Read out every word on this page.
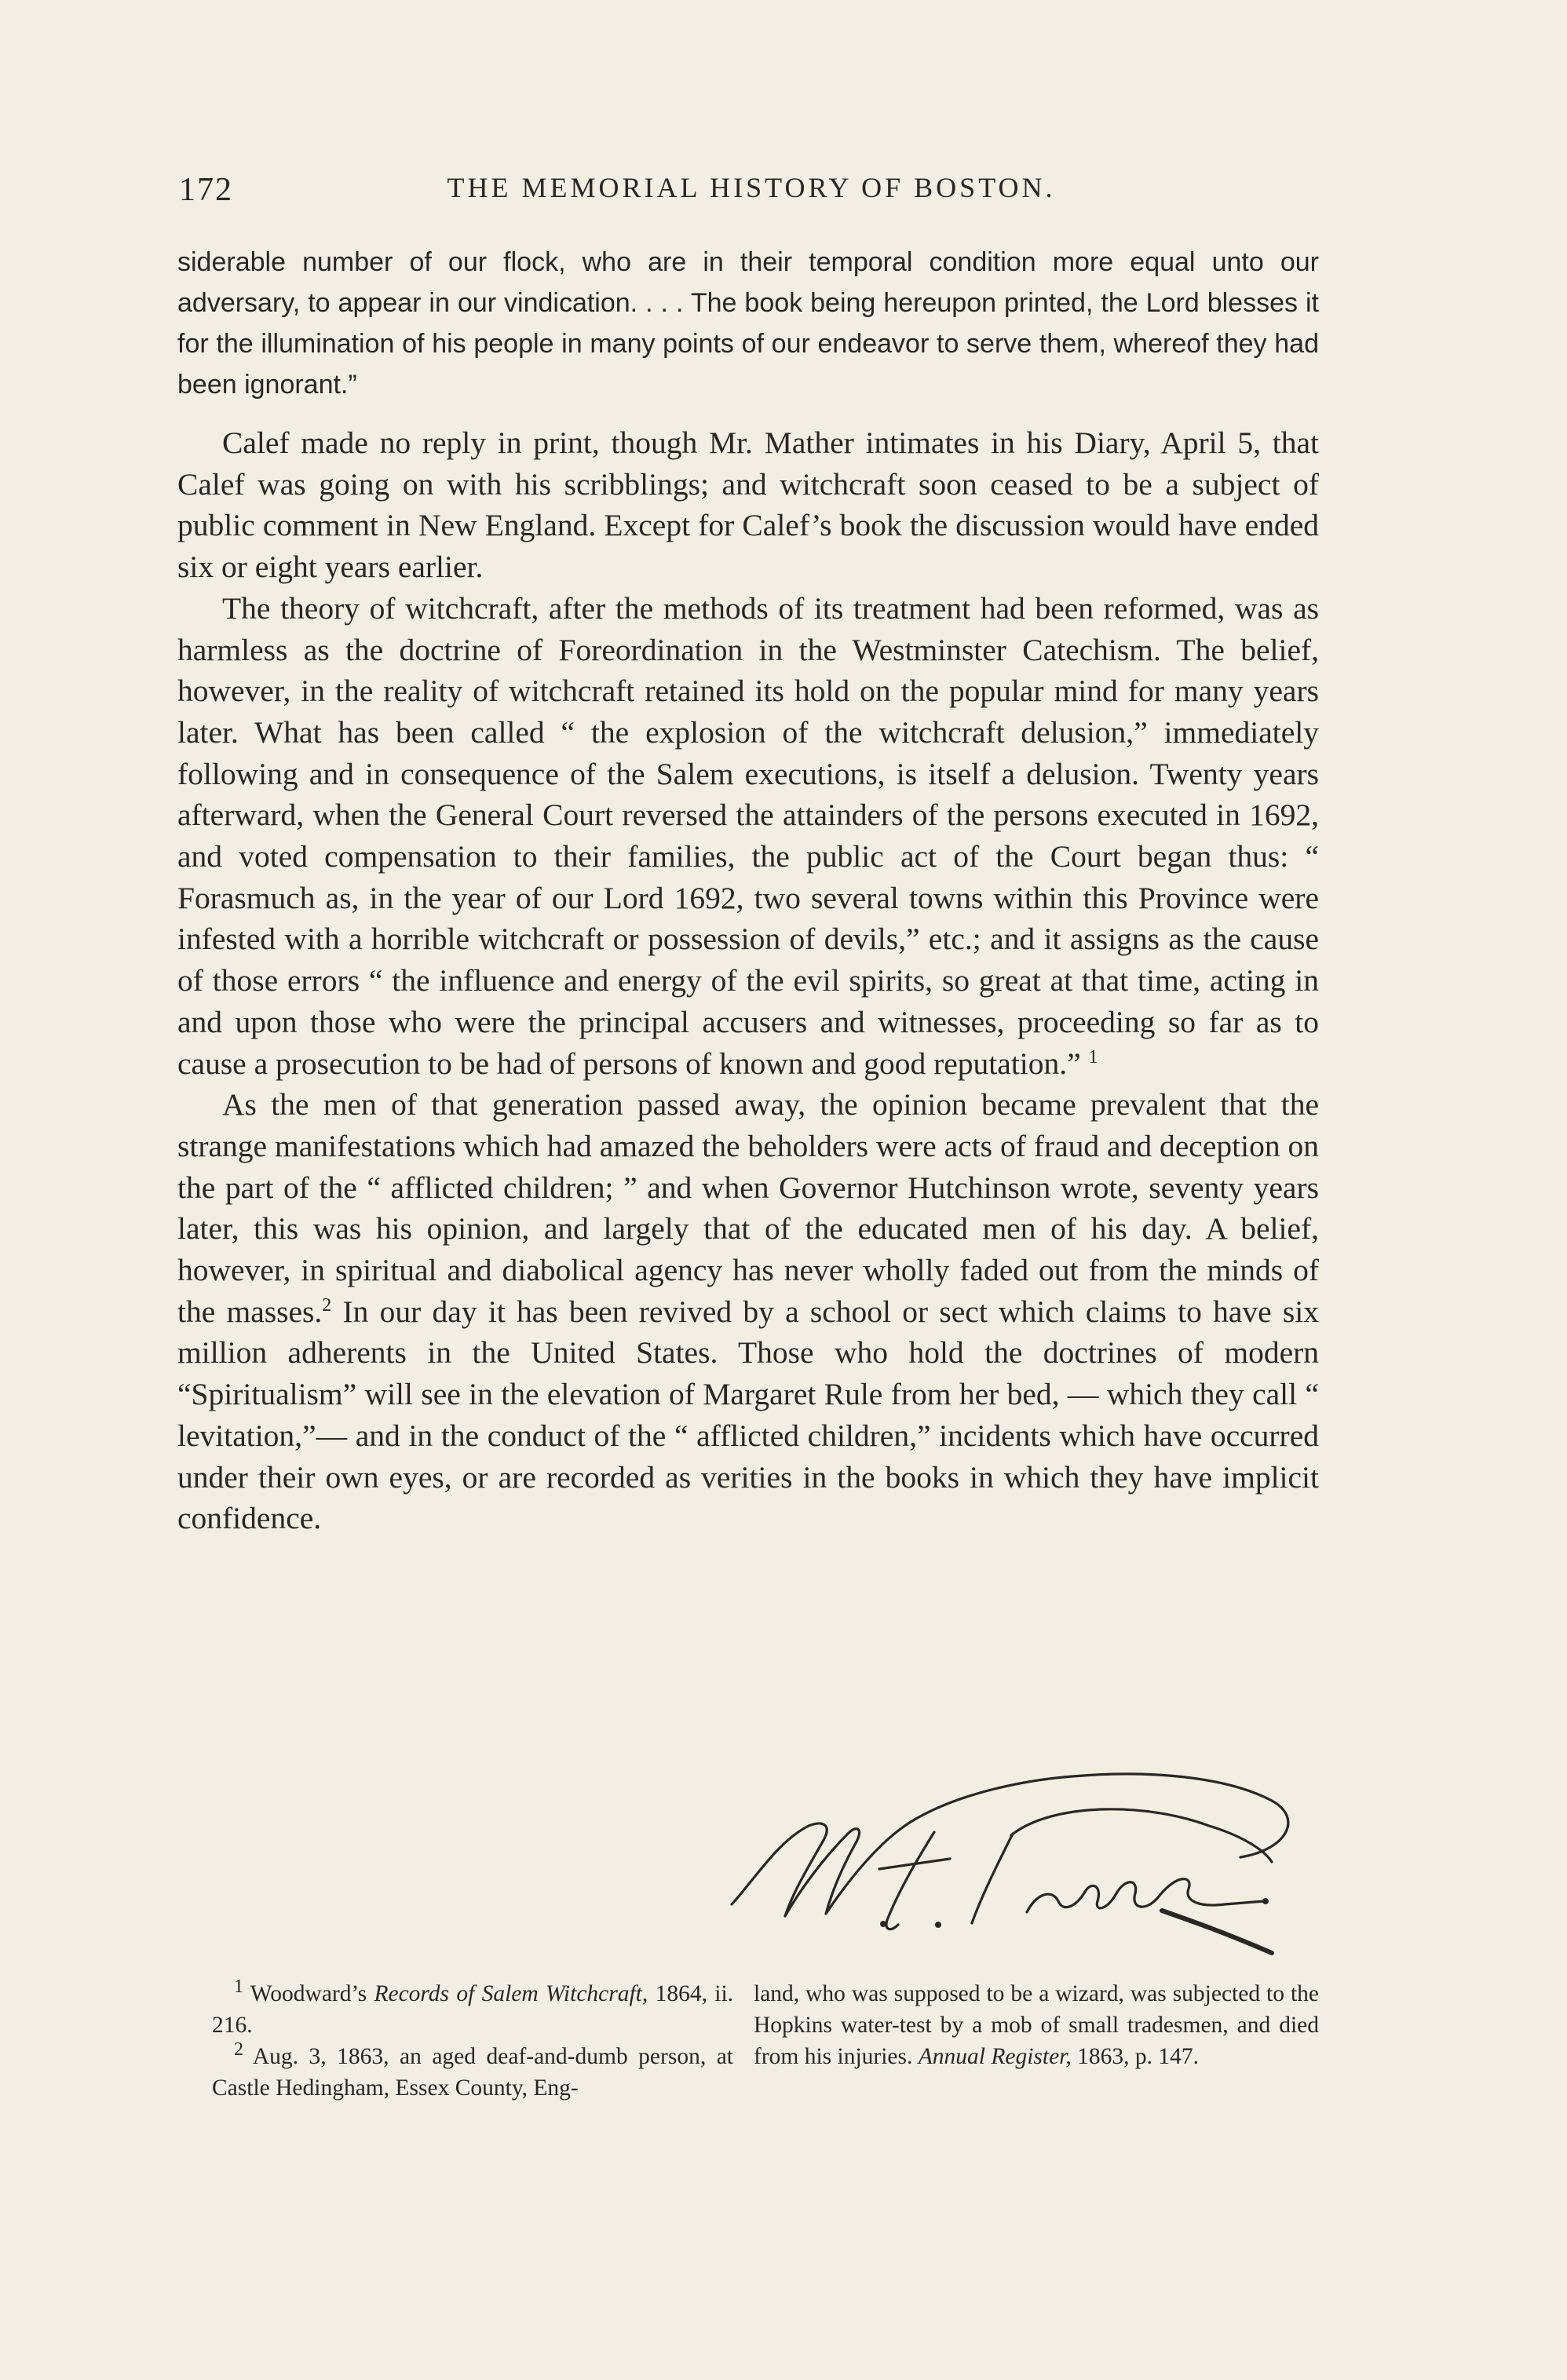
172	THE MEMORIAL HISTORY OF BOSTON.
siderable number of our flock, who are in their temporal condition more equal unto our adversary, to appear in our vindication. . . . The book being hereupon printed, the Lord blesses it for the illumination of his people in many points of our endeavor to serve them, whereof they had been ignorant.”

Calef made no reply in print, though Mr. Mather intimates in his Diary, April 5, that Calef was going on with his scribblings; and witchcraft soon ceased to be a subject of public comment in New England. Except for Calef’s book the discussion would have ended six or eight years earlier.

The theory of witchcraft, after the methods of its treatment had been reformed, was as harmless as the doctrine of Foreordination in the Westminster Catechism. The belief, however, in the reality of witchcraft retained its hold on the popular mind for many years later. What has been called “ the explosion of the witchcraft delusion,” immediately following and in consequence of the Salem executions, is itself a delusion. Twenty years afterward, when the General Court reversed the attainders of the persons executed in 1692, and voted compensation to their families, the public act of the Court began thus: “ Forasmuch as, in the year of our Lord 1692, two several towns within this Province were infested with a horrible witchcraft or possession of devils,” etc.; and it assigns as the cause of those errors “ the influence and energy of the evil spirits, so great at that time, acting in and upon those who were the principal accusers and witnesses, proceeding so far as to cause a prosecution to be had of persons of known and good reputation.” $^1$

As the men of that generation passed away, the opinion became prevalent that the strange manifestations which had amazed the beholders were acts of fraud and deception on the part of the “ afflicted children; ” and when Governor Hutchinson wrote, seventy years later, this was his opinion, and largely that of the educated men of his day. A belief, however, in spiritual and diabolical agency has never wholly faded out from the minds of the masses.$^2$ In our day it has been revived by a school or sect which claims to have six million adherents in the United States. Those who hold the doctrines of modern “Spiritualism” will see in the elevation of Margaret Rule from her bed, — which they call “ levitation,”— and in the conduct of the “ afflicted children,” incidents which have occurred under their own eyes, or are recorded as verities in the books in which they have implicit confidence.

$^1$ Woodward’s Records of Salem Witchcraft, 1864, ii. 216.

$^2$ Aug. 3, 1863, an aged deaf-and-dumb person, at Castle Hedingham, Essex County, Eng-

land, who was supposed to be a wizard, was subjected to the Hopkins water-test by a mob of small tradesmen, and died from his injuries. Annual Register, 1863, p. 147.
